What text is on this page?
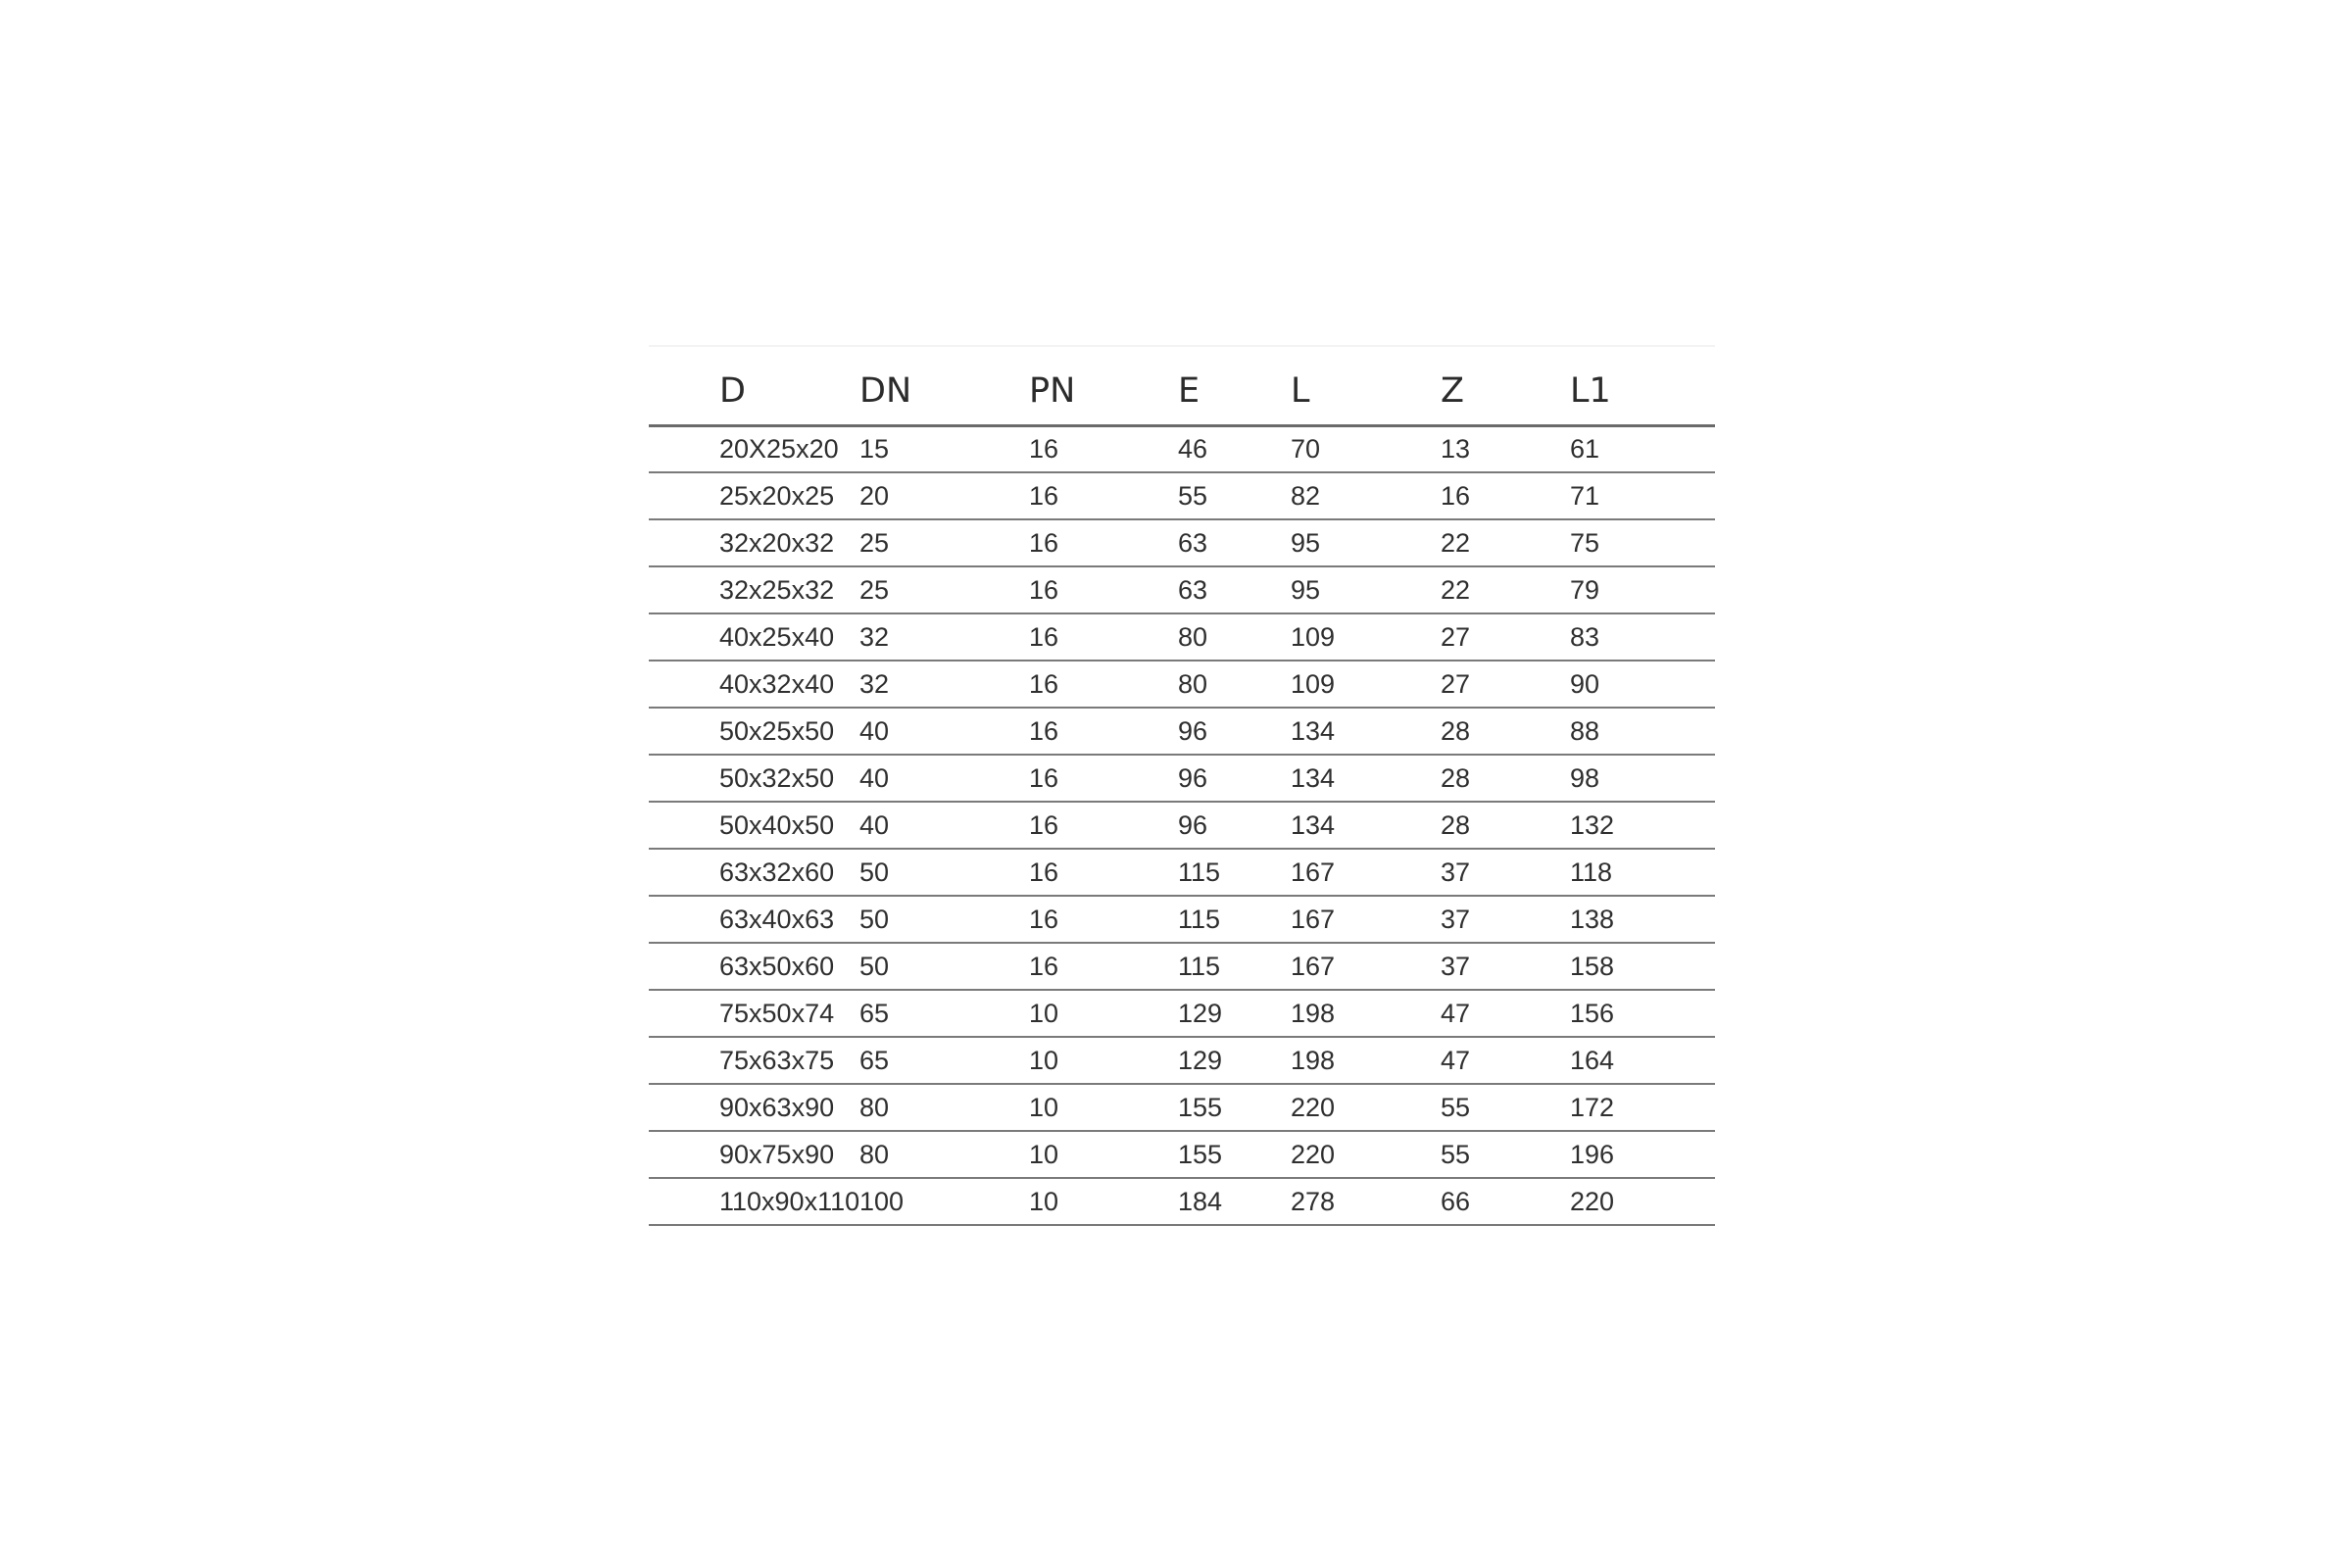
D	DN	PN	E	L	Z	L1
20X25x20	15	16	46	70	13	61
25x20x25	20	16	55	82	16	71
32x20x32	25	16	63	95	22	75
32x25x32	25	16	63	95	22	79
40x25x40	32	16	80	109	27	83
40x32x40	32	16	80	109	27	90
50x25x50	40	16	96	134	28	88
50x32x50	40	16	96	134	28	98
50x40x50	40	16	96	134	28	132
63x32x60	50	16	115	167	37	118
63x40x63	50	16	115	167	37	138
63x50x60	50	16	115	167	37	158
75x50x74	65	10	129	198	47	156
75x63x75	65	10	129	198	47	164
90x63x90	80	10	155	220	55	172
90x75x90	80	10	155	220	55	196
110x90x110	100	10	184	278	66	220
